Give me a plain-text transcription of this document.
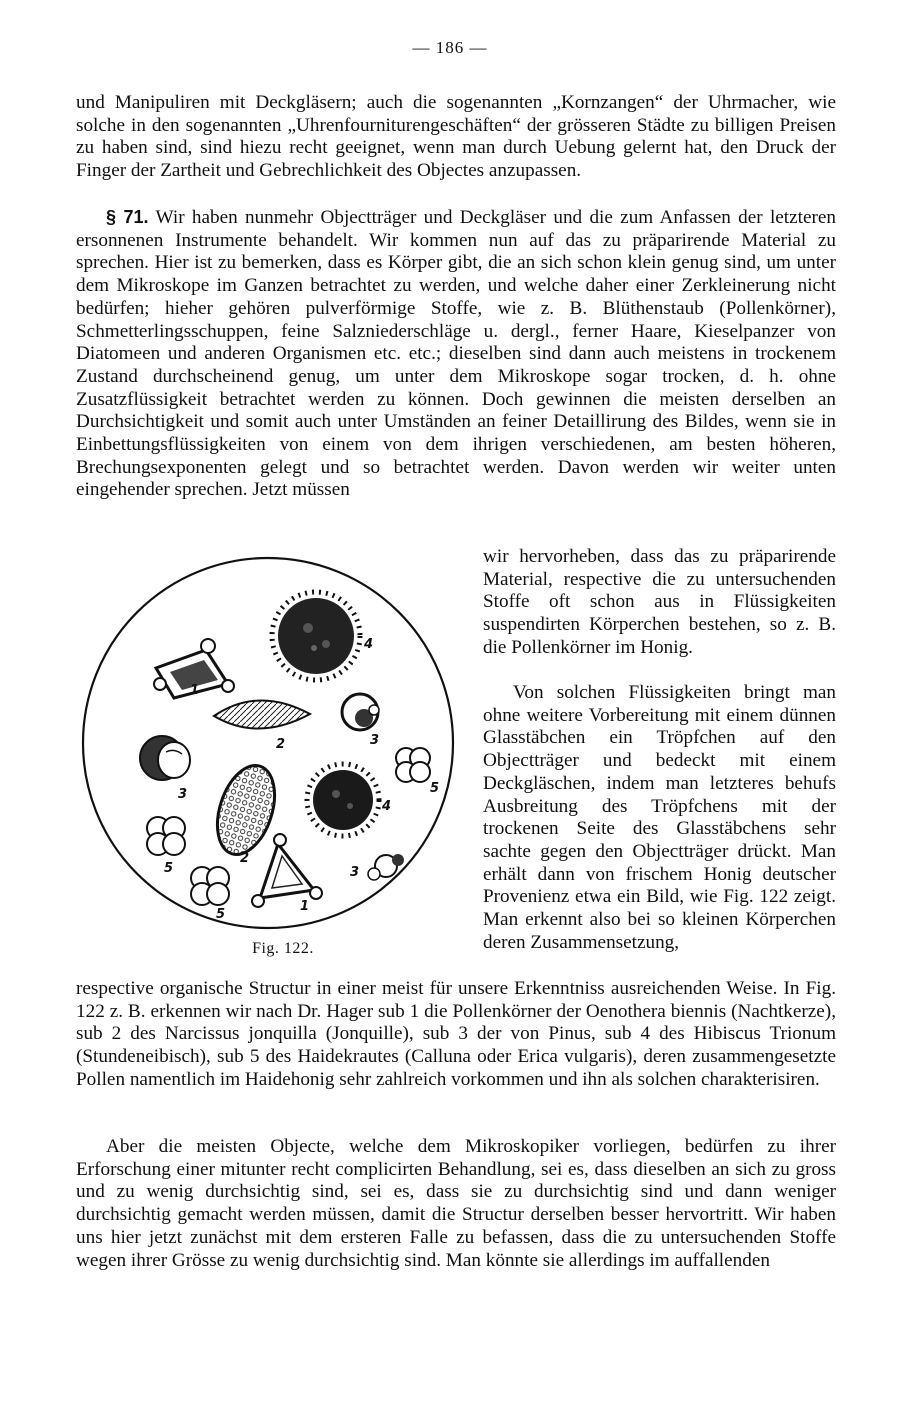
— 186 —

und Manipuliren mit Deckgläsern; auch die sogenannten „Kornzangen“ der Uhrmacher, wie solche in den sogenannten „Uhrenfourniturengeschäften“ der grösseren Städte zu billigen Preisen zu haben sind, sind hiezu recht geeignet, wenn man durch Uebung gelernt hat, den Druck der Finger der Zartheit und Gebrechlichkeit des Objectes anzupassen.

§ 71. Wir haben nunmehr Objectträger und Deckgläser und die zum Anfassen der letzteren ersonnenen Instrumente behandelt. Wir kommen nun auf das zu präparirende Material zu sprechen. Hier ist zu bemerken, dass es Körper gibt, die an sich schon klein genug sind, um unter dem Mikroskope im Ganzen betrachtet zu werden, und welche daher einer Zerkleinerung nicht bedürfen; hieher gehören pulverförmige Stoffe, wie z. B. Blüthenstaub (Pollenkörner), Schmetterlingsschuppen, feine Salzniederschläge u. dergl., ferner Haare, Kieselpanzer von Diatomeen und anderen Organismen etc. etc.; dieselben sind dann auch meistens in trockenem Zustand durchscheinend genug, um unter dem Mikroskope sogar trocken, d. h. ohne Zusatzflüssigkeit betrachtet werden zu können. Doch gewinnen die meisten derselben an Durchsichtigkeit und somit auch unter Umständen an feiner Detaillirung des Bildes, wenn sie in Einbettungsflüssigkeiten von einem von dem ihrigen verschiedenen, am besten höheren, Brechungsexponenten gelegt und so betrachtet werden. Davon werden wir weiter unten eingehender sprechen. Jetzt müssen

wir hervorheben, dass das zu präparirende Material, respective die zu untersuchenden Stoffe oft schon aus in Flüssigkeiten suspendirten Körperchen bestehen, so z. B. die Pollenkörner im Honig.

Von solchen Flüssigkeiten bringt man ohne weitere Vorbereitung mit einem dünnen Glasstäbchen ein Tröpfchen auf den Objectträger und bedeckt mit einem Deckgläschen, indem man letzteres behufs Ausbreitung des Tröpfchens mit der trockenen Seite des Glasstäbchens sehr sachte gegen den Objectträger drückt. Man erhält dann von frischem Honig deutscher Provenienz etwa ein Bild, wie Fig. 122 zeigt. Man erkennt also bei so kleinen Körperchen deren Zusammensetzung,

respective organische Structur in einer meist für unsere Erkenntniss ausreichenden Weise. In Fig. 122 z. B. erkennen wir nach Dr. Hager sub 1 die Pollenkörner der Oenothera biennis (Nachtkerze), sub 2 des Narcissus jonquilla (Jonquille), sub 3 der von Pinus, sub 4 des Hibiscus Trionum (Stundeneibisch), sub 5 des Haidekrautes (Calluna oder Erica vulgaris), deren zusammengesetzte Pollen namentlich im Haidehonig sehr zahlreich vorkommen und ihn als solchen charakterisiren.

Aber die meisten Objecte, welche dem Mikroskopiker vorliegen, bedürfen zu ihrer Erforschung einer mitunter recht complicirten Behandlung, sei es, dass dieselben an sich zu gross und zu wenig durchsichtig sind, sei es, dass sie zu durchsichtig sind und dann weniger durchsichtig gemacht werden müssen, damit die Structur derselben besser hervortritt. Wir haben uns hier jetzt zunächst mit dem ersteren Falle zu befassen, dass die zu untersuchenden Stoffe wegen ihrer Grösse zu wenig durchsichtig sind. Man könnte sie allerdings im auffallenden

1
1
2
2
3
3
3
4
4
5
5
5
Fig. 122.
